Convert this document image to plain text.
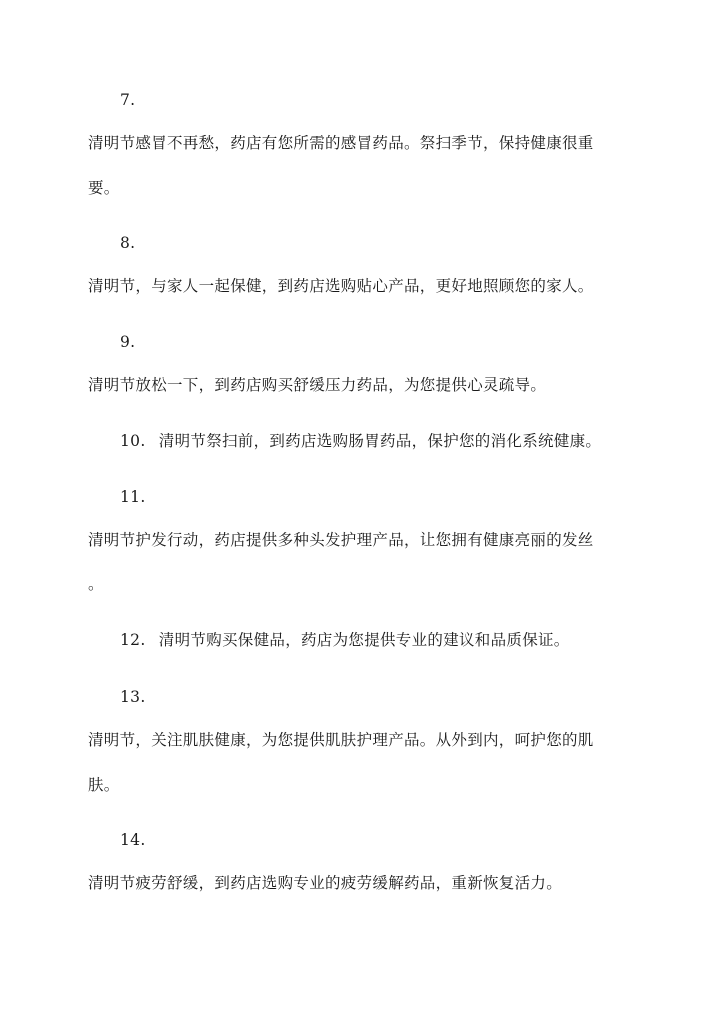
7.
清明节感冒不再愁，药店有您所需的感冒药品。祭扫季节，保持健康很重
要。
8.
清明节，与家人一起保健，到药店选购贴心产品，更好地照顾您的家人。
9.
清明节放松一下，到药店购买舒缓压力药品，为您提供心灵疏导。
10. 清明节祭扫前，到药店选购肠胃药品，保护您的消化系统健康。
11.
清明节护发行动，药店提供多种头发护理产品，让您拥有健康亮丽的发丝
。
12. 清明节购买保健品，药店为您提供专业的建议和品质保证。
13.
清明节，关注肌肤健康，为您提供肌肤护理产品。从外到内，呵护您的肌
肤。
14.
清明节疲劳舒缓，到药店选购专业的疲劳缓解药品，重新恢复活力。
